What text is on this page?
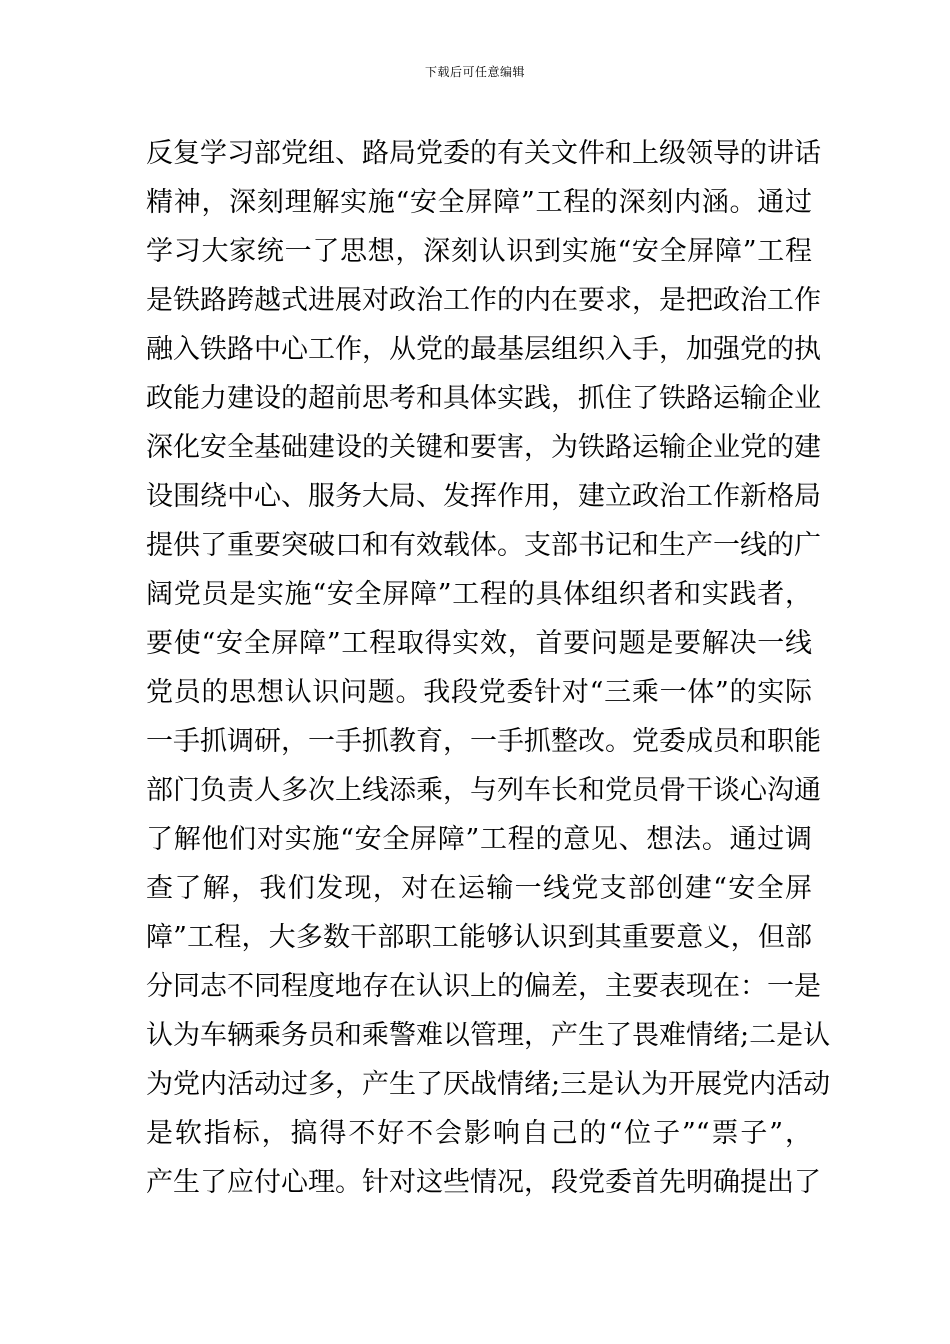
下载后可任意编辑
反复学习部党组、路局党委的有关文件和上级领导的讲话
精神，深刻理解实施“安全屏障”工程的深刻内涵。通过
学习大家统一了思想，深刻认识到实施“安全屏障”工程
是铁路跨越式进展对政治工作的内在要求，是把政治工作
融入铁路中心工作，从党的最基层组织入手，加强党的执
政能力建设的超前思考和具体实践，抓住了铁路运输企业
深化安全基础建设的关键和要害，为铁路运输企业党的建
设围绕中心、服务大局、发挥作用，建立政治工作新格局
提供了重要突破口和有效载体。支部书记和生产一线的广
阔党员是实施“安全屏障”工程的具体组织者和实践者，
要使“安全屏障”工程取得实效，首要问题是要解决一线
党员的思想认识问题。我段党委针对“三乘一体”的实际
一手抓调研，一手抓教育，一手抓整改。党委成员和职能
部门负责人多次上线添乘，与列车长和党员骨干谈心沟通
了解他们对实施“安全屏障”工程的意见、想法。通过调
查了解，我们发现，对在运输一线党支部创建“安全屏
障”工程，大多数干部职工能够认识到其重要意义，但部
分同志不同程度地存在认识上的偏差，主要表现在：一是
认为车辆乘务员和乘警难以管理，产生了畏难情绪;二是认
为党内活动过多，产生了厌战情绪;三是认为开展党内活动
是软指标，搞得不好不会影响自己的“位子”“票子”，
产生了应付心理。针对这些情况，段党委首先明确提出了
